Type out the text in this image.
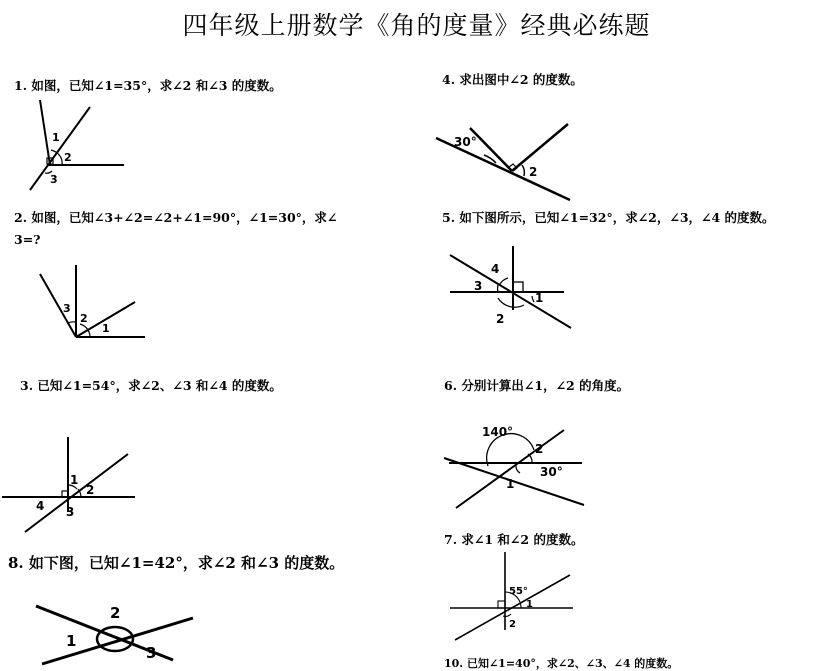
四年级上册数学《角的度量》经典必练题
1. 如图，已知∠1=35°，求∠2 和∠3 的度数。
1
2
3
2. 如图，已知∠3+∠2=∠2+∠1=90°，∠1=30°，求∠
3=?
3
2
1
3. 已知∠1=54°，求∠2、∠3 和∠4 的度数。
1
2
3
4
8. 如下图，已知∠1=42°，求∠2 和∠3 的度数。
2
1
3
4. 求出图中∠2 的度数。
30°
2
5. 如下图所示，已知∠1=32°，求∠2，∠3，∠4 的度数。
4
3
1
2
6. 分别计算出∠1，∠2 的角度。
140°
2
30°
1
7. 求∠1 和∠2 的度数。
55°
1
2
10. 已知∠1=40°，求∠2、∠3、∠4 的度数。
